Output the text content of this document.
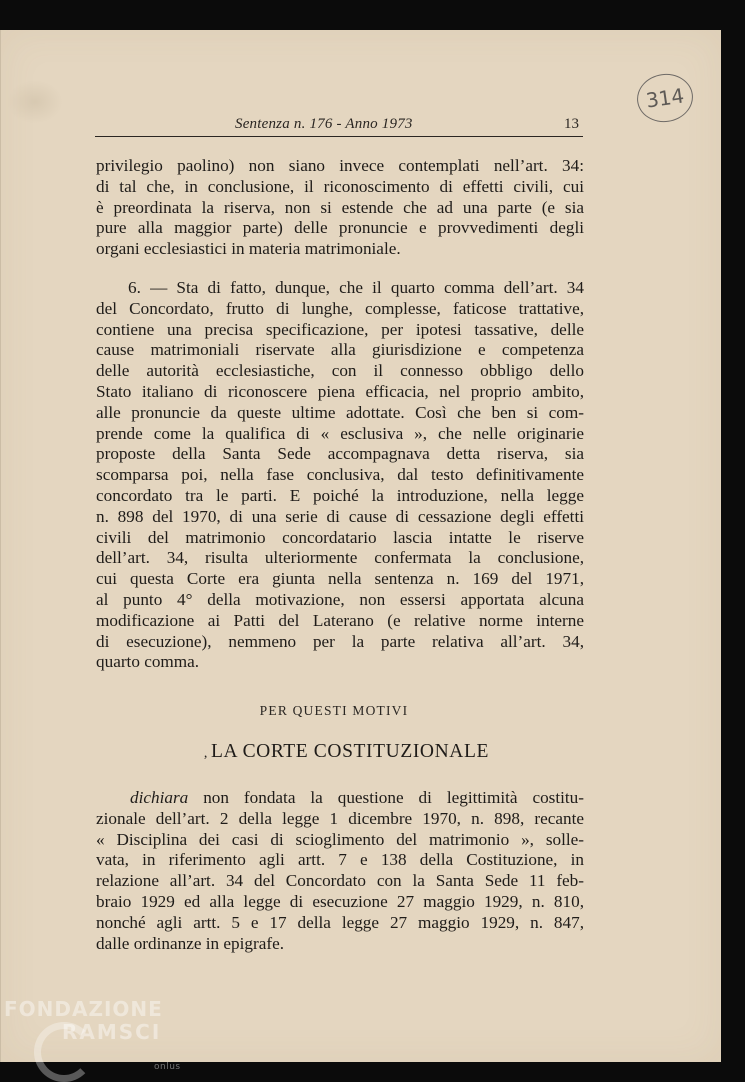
314
Sentenza n. 176 - Anno 1973	13
privilegio paolino) non siano invece contemplati nell’art. 34:
di tal che, in conclusione, il riconoscimento di effetti civili, cui
è preordinata la riserva, non si estende che ad una parte (e sia
pure alla maggior parte) delle pronuncie e provvedimenti degli
organi ecclesiastici in materia matrimoniale.
6. — Sta di fatto, dunque, che il quarto comma dell’art. 34
del Concordato, frutto di lunghe, complesse, faticose trattative,
contiene una precisa specificazione, per ipotesi tassative, delle
cause matrimoniali riservate alla giurisdizione e competenza
delle autorità ecclesiastiche, con il connesso obbligo dello
Stato italiano di riconoscere piena efficacia, nel proprio ambito,
alle pronuncie da queste ultime adottate. Così che ben si com-
prende come la qualifica di « esclusiva », che nelle originarie
proposte della Santa Sede accompagnava detta riserva, sia
scomparsa poi, nella fase conclusiva, dal testo definitivamente
concordato tra le parti. E poiché la introduzione, nella legge
n. 898 del 1970, di una serie di cause di cessazione degli effetti
civili del matrimonio concordatario lascia intatte le riserve
dell’art. 34, risulta ulteriormente confermata la conclusione,
cui questa Corte era giunta nella sentenza n. 169 del 1971,
al punto 4° della motivazione, non essersi apportata alcuna
modificazione ai Patti del Laterano (e relative norme interne
di esecuzione), nemmeno per la parte relativa all’art. 34,
quarto comma.
PER QUESTI MOTIVI
, LA CORTE COSTITUZIONALE
dichiara non fondata la questione di legittimità costitu-
zionale dell’art. 2 della legge 1 dicembre 1970, n. 898, recante
« Disciplina dei casi di scioglimento del matrimonio », solle-
vata, in riferimento agli artt. 7 e 138 della Costituzione, in
relazione all’art. 34 del Concordato con la Santa Sede 11 feb-
braio 1929 ed alla legge di esecuzione 27 maggio 1929, n. 810,
nonché agli artt. 5 e 17 della legge 27 maggio 1929, n. 847,
dalle ordinanze in epigrafe.
FONDAZIONE
RAMSCI
onlus
